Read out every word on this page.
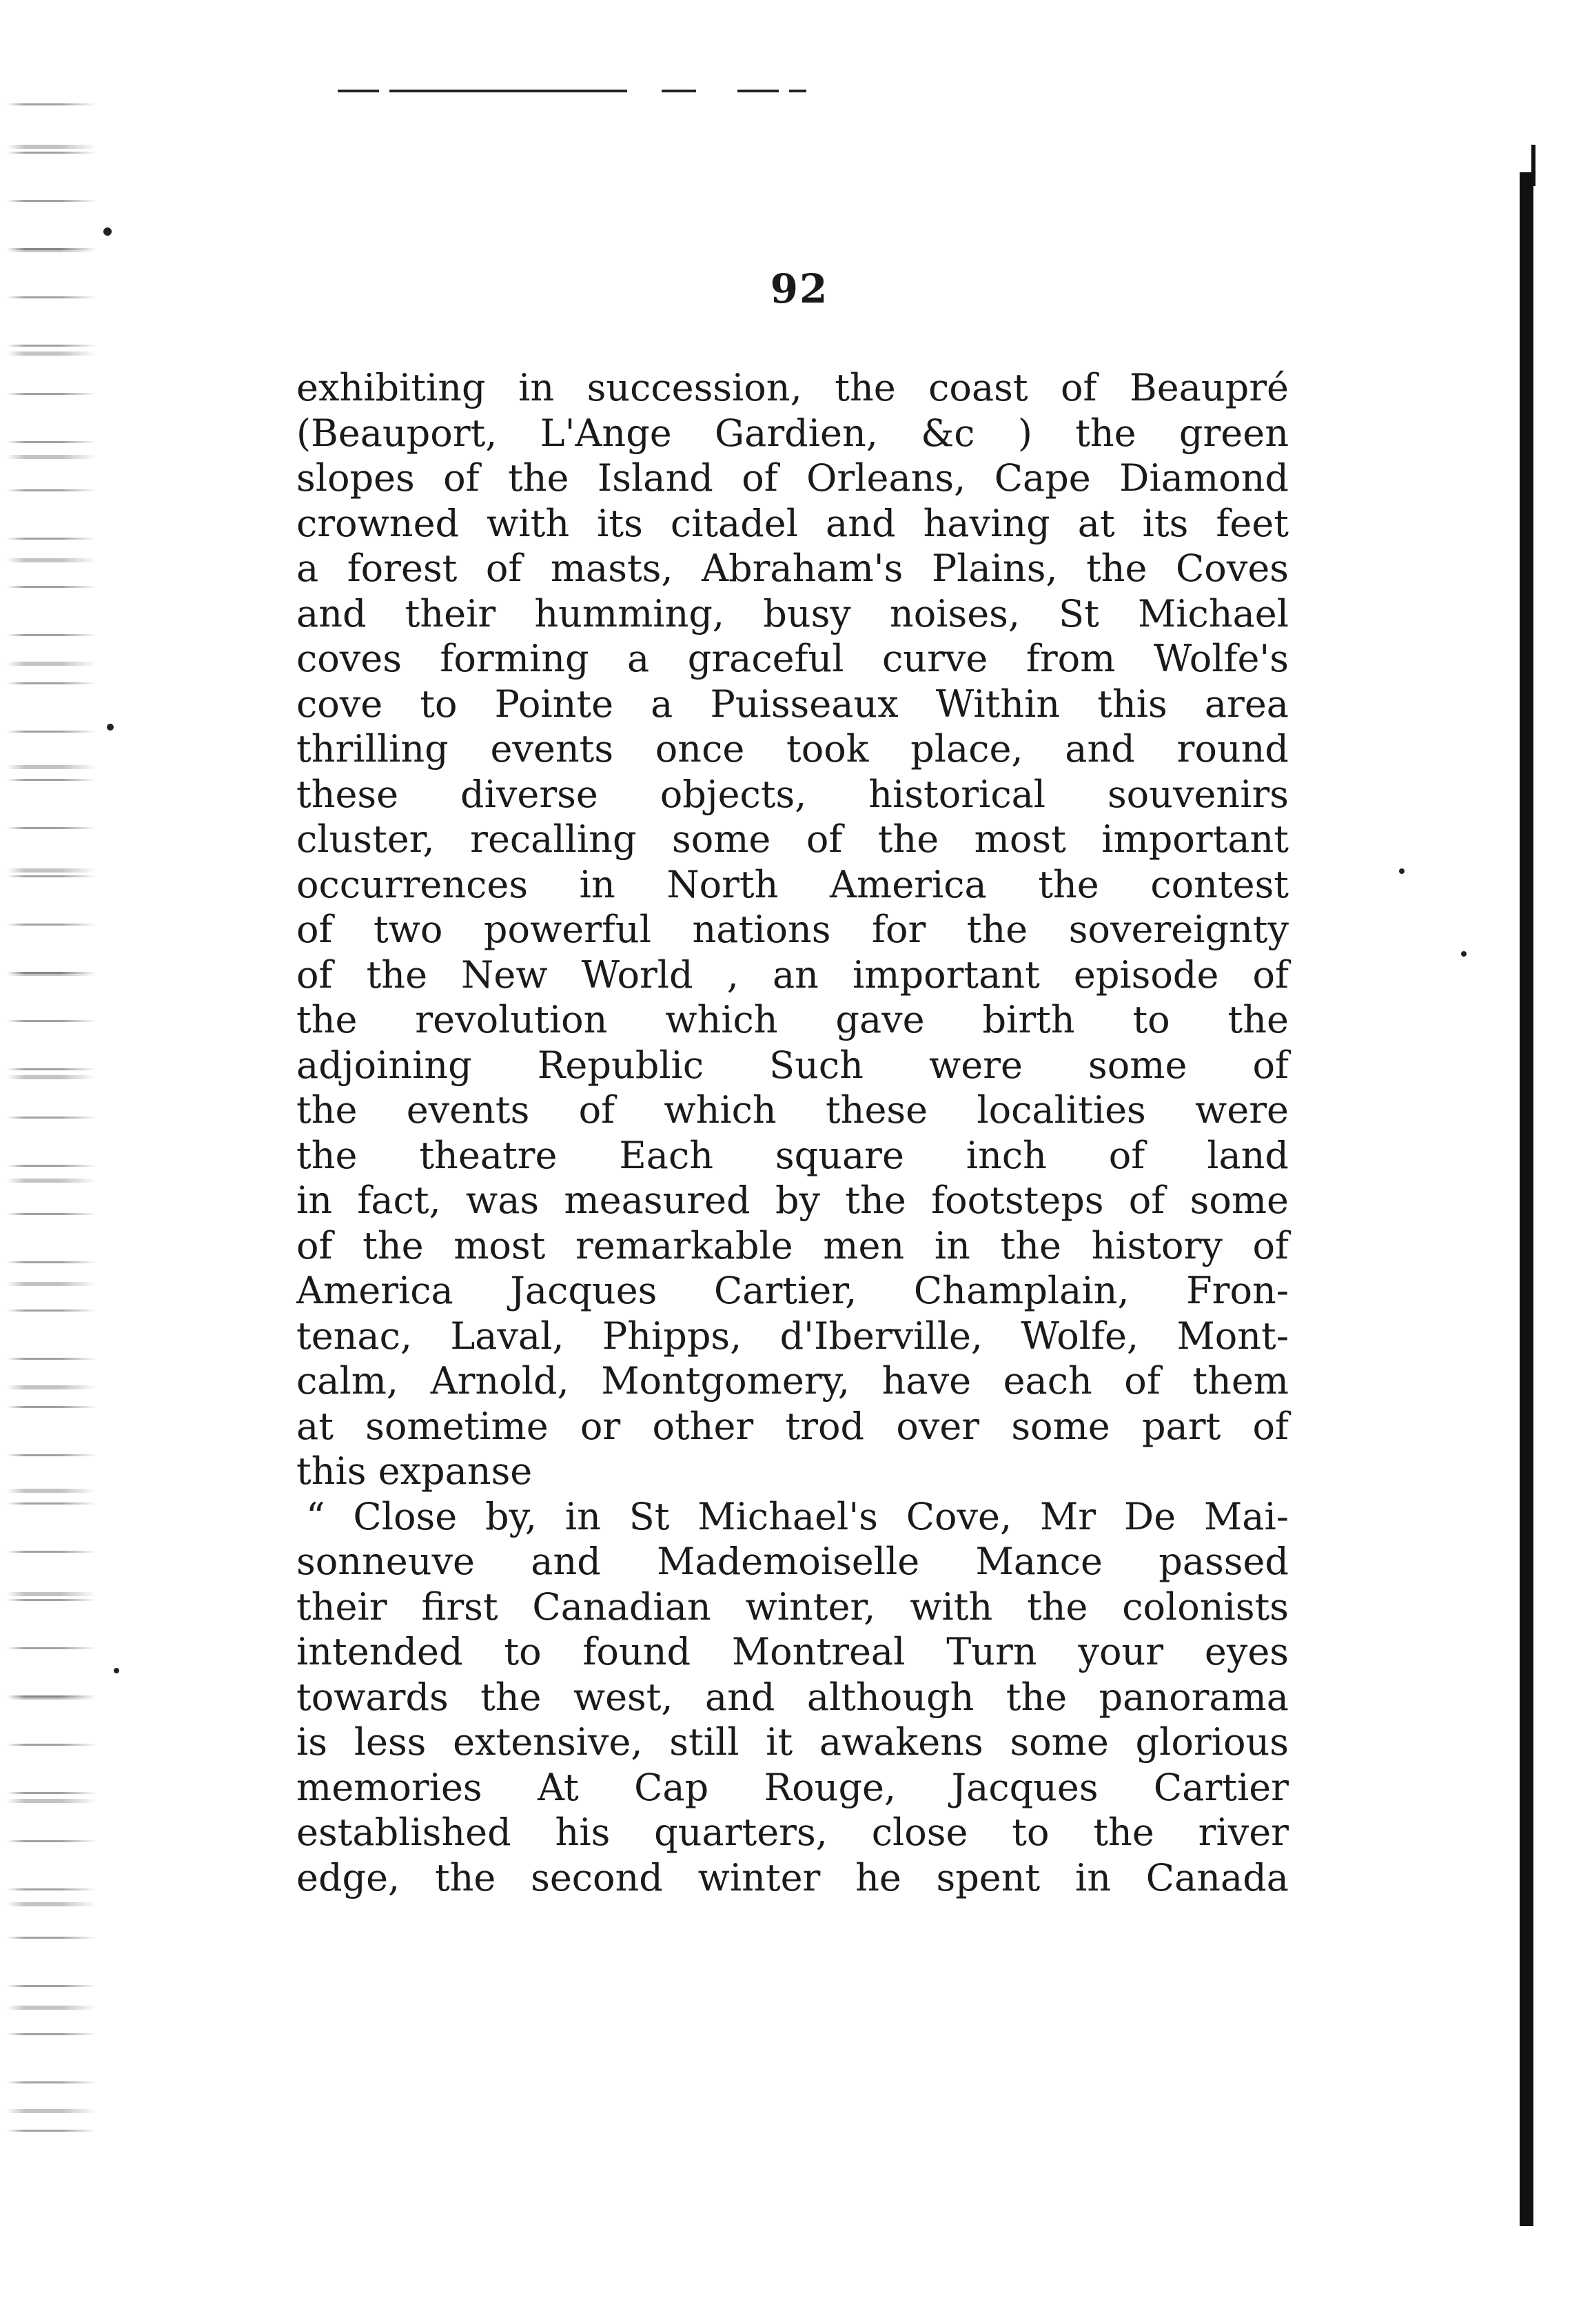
92
exhibiting in succession, the coast of Beaupré
(Beauport, L'Ange Gardien, &c ) the green
slopes of the Island of Orleans, Cape Diamond
crowned with its citadel and having at its feet
a forest of masts, Abraham's Plains, the Coves
and their humming, busy noises, St Michael
coves forming a graceful curve from Wolfe's
cove to Pointe a Puisseaux Within this area
thrilling events once took place, and round
these diverse objects, historical souvenirs
cluster, recalling some of the most important
occurrences in North America the contest
of two powerful nations for the sovereignty
of the New World , an important episode of
the revolution which gave birth to the
adjoining Republic Such were some of
the events of which these localities were
the theatre Each square inch of land
in fact, was measured by the footsteps of some
of the most remarkable men in the history of
America Jacques Cartier, Champlain, Fron-
tenac, Laval, Phipps, d'Iberville, Wolfe, Mont-
calm, Arnold, Montgomery, have each of them
at sometime or other trod over some part of
this expanse
“ Close by, in St Michael's Cove, Mr De Mai-
sonneuve and Mademoiselle Mance passed
their first Canadian winter, with the colonists
intended to found Montreal Turn your eyes
towards the west, and although the panorama
is less extensive, still it awakens some glorious
memories At Cap Rouge, Jacques Cartier
established his quarters, close to the river
edge, the second winter he spent in Canada
